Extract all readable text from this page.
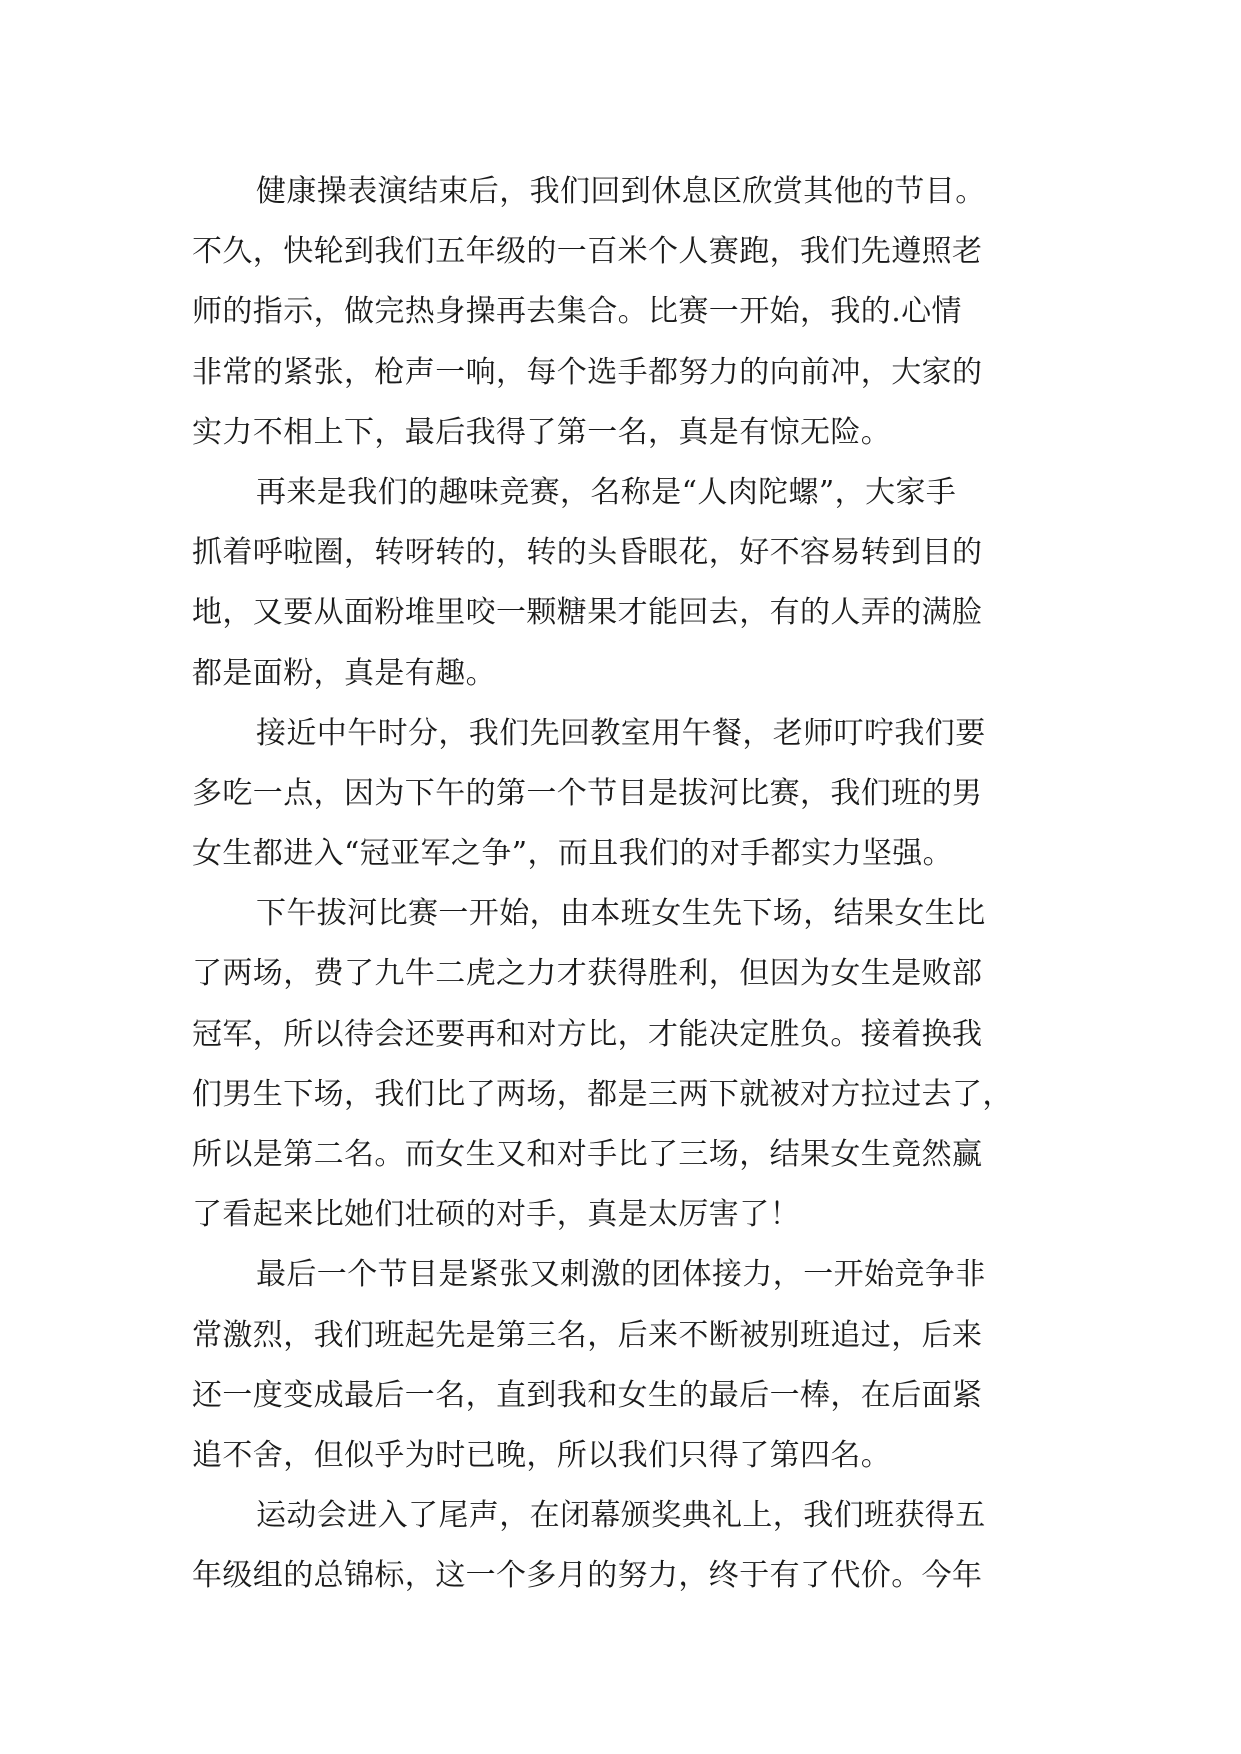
健康操表演结束后，我们回到休息区欣赏其他的节目。
不久，快轮到我们五年级的一百米个人赛跑，我们先遵照老
师的指示，做完热身操再去集合。比赛一开始，我的.心情
非常的紧张，枪声一响，每个选手都努力的向前冲，大家的
实力不相上下，最后我得了第一名，真是有惊无险。
再来是我们的趣味竞赛，名称是“人肉陀螺”，大家手
抓着呼啦圈，转呀转的，转的头昏眼花，好不容易转到目的
地，又要从面粉堆里咬一颗糖果才能回去，有的人弄的满脸
都是面粉，真是有趣。
接近中午时分，我们先回教室用午餐，老师叮咛我们要
多吃一点，因为下午的第一个节目是拔河比赛，我们班的男
女生都进入“冠亚军之争”，而且我们的对手都实力坚强。
下午拔河比赛一开始，由本班女生先下场，结果女生比
了两场，费了九牛二虎之力才获得胜利，但因为女生是败部
冠军，所以待会还要再和对方比，才能决定胜负。接着换我
们男生下场，我们比了两场，都是三两下就被对方拉过去了，
所以是第二名。而女生又和对手比了三场，结果女生竟然赢
了看起来比她们壮硕的对手，真是太厉害了！
最后一个节目是紧张又刺激的团体接力，一开始竞争非
常激烈，我们班起先是第三名，后来不断被别班追过，后来
还一度变成最后一名，直到我和女生的最后一棒，在后面紧
追不舍，但似乎为时已晚，所以我们只得了第四名。
运动会进入了尾声，在闭幕颁奖典礼上，我们班获得五
年级组的总锦标，这一个多月的努力，终于有了代价。今年
